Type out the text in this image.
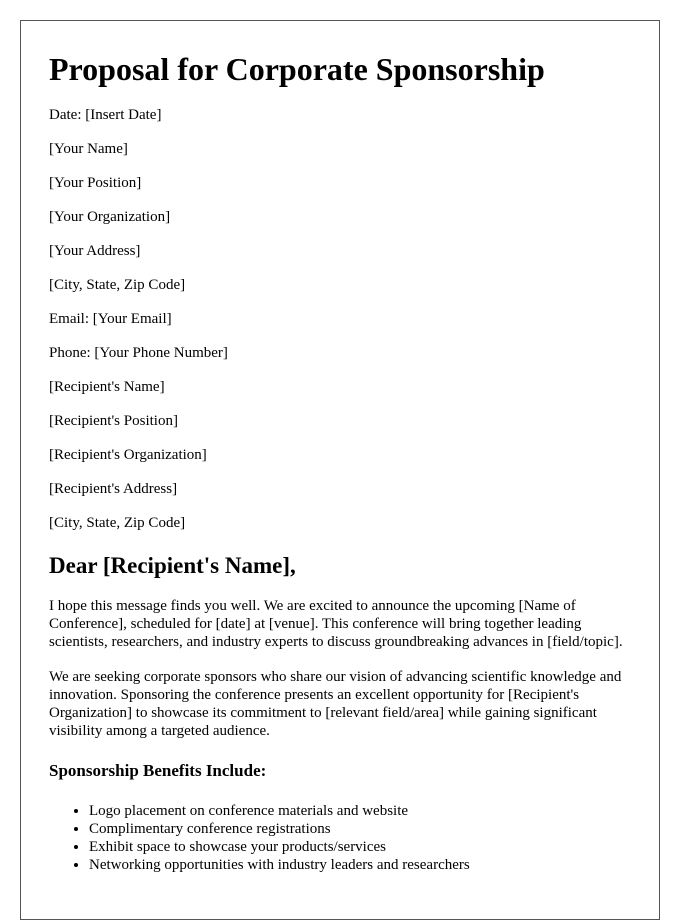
Proposal for Corporate Sponsorship
Date: [Insert Date]
[Your Name]
[Your Position]
[Your Organization]
[Your Address]
[City, State, Zip Code]
Email: [Your Email]
Phone: [Your Phone Number]
[Recipient's Name]
[Recipient's Position]
[Recipient's Organization]
[Recipient's Address]
[City, State, Zip Code]
Dear [Recipient's Name],

I hope this message finds you well. We are excited to announce the upcoming [Name of Conference], scheduled for [date] at [venue]. This conference will bring together leading scientists, researchers, and industry experts to discuss groundbreaking advances in [field/topic].

We are seeking corporate sponsors who share our vision of advancing scientific knowledge and innovation. Sponsoring the conference presents an excellent opportunity for [Recipient's Organization] to showcase its commitment to [relevant field/area] while gaining significant visibility among a targeted audience.

Sponsorship Benefits Include:
• Logo placement on conference materials and website
• Complimentary conference registrations
• Exhibit space to showcase your products/services
• Networking opportunities with industry leaders and researchers
